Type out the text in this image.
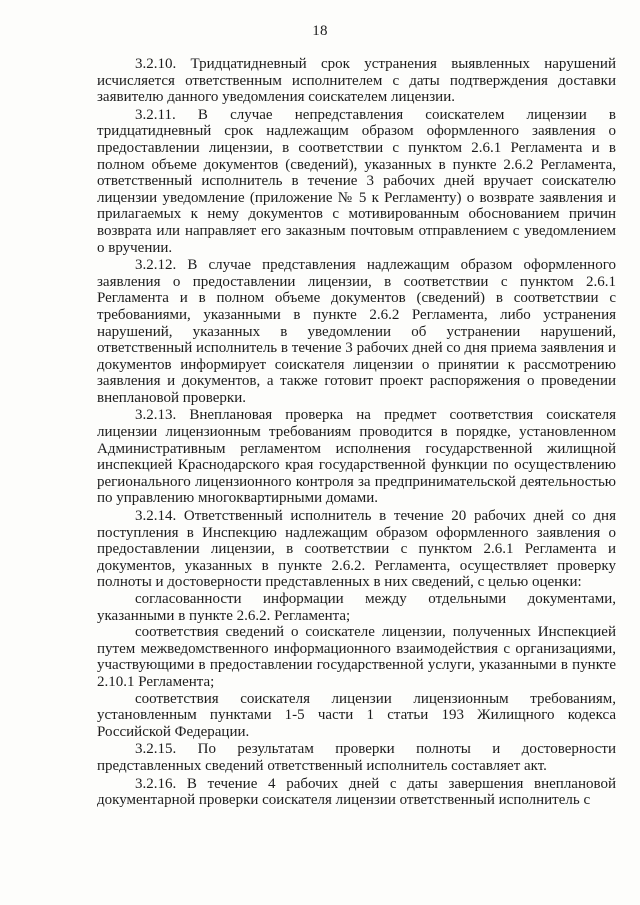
18

3.2.10. Тридцатидневный срок устранения выявленных нарушений исчисляется ответственным исполнителем с даты подтверждения доставки заявителю данного уведомления соискателем лицензии.

3.2.11. В случае непредставления соискателем лицензии в тридцатидневный срок надлежащим образом оформленного заявления о предоставлении лицензии, в соответствии с пунктом 2.6.1 Регламента и в полном объеме документов (сведений), указанных в пункте 2.6.2 Регламента, ответственный исполнитель в течение 3 рабочих дней вручает соискателю лицензии уведомление (приложение № 5 к Регламенту) о возврате заявления и прилагаемых к нему документов с мотивированным обоснованием причин возврата или направляет его заказным почтовым отправлением с уведомлением о вручении.

3.2.12. В случае представления надлежащим образом оформленного заявления о предоставлении лицензии, в соответствии с пунктом 2.6.1 Регламента и в полном объеме документов (сведений) в соответствии с требованиями, указанными в пункте 2.6.2 Регламента, либо устранения нарушений, указанных в уведомлении об устранении нарушений, ответственный исполнитель в течение 3 рабочих дней со дня приема заявления и документов информирует соискателя лицензии о принятии к рассмотрению заявления и документов, а также готовит проект распоряжения о проведении внеплановой проверки.

3.2.13. Внеплановая проверка на предмет соответствия соискателя лицензии лицензионным требованиям проводится в порядке, установленном Административным регламентом исполнения государственной жилищной инспекцией Краснодарского края государственной функции по осуществлению регионального лицензионного контроля за предпринимательской деятельностью по управлению многоквартирными домами.

3.2.14. Ответственный исполнитель в течение 20 рабочих дней со дня поступления в Инспекцию надлежащим образом оформленного заявления о предоставлении лицензии, в соответствии с пунктом 2.6.1 Регламента и документов, указанных в пункте 2.6.2. Регламента, осуществляет проверку полноты и достоверности представленных в них сведений, с целью оценки:

согласованности информации между отдельными документами, указанными в пункте 2.6.2. Регламента;

соответствия сведений о соискателе лицензии, полученных Инспекцией путем межведомственного информационного взаимодействия с организациями, участвующими в предоставлении государственной услуги, указанными в пункте 2.10.1 Регламента;

соответствия соискателя лицензии лицензионным требованиям, установленным пунктами 1-5 части 1 статьи 193 Жилищного кодекса Российской Федерации.

3.2.15. По результатам проверки полноты и достоверности представленных сведений ответственный исполнитель составляет акт.

3.2.16. В течение 4 рабочих дней с даты завершения внеплановой документарной проверки соискателя лицензии ответственный исполнитель с
